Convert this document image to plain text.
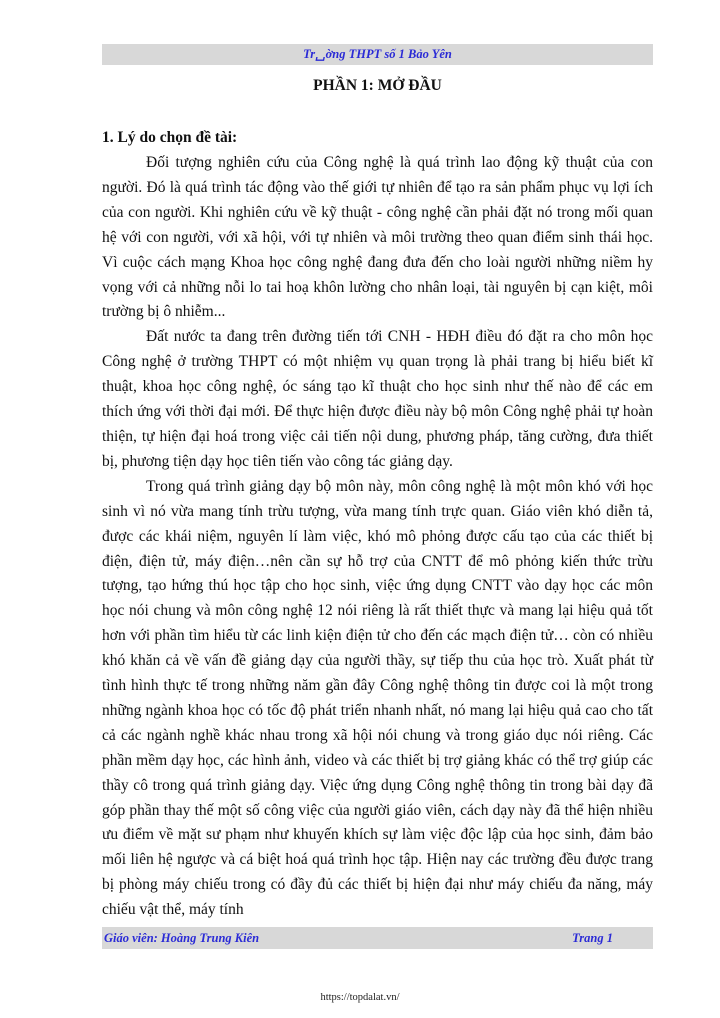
Tr␣ờng THPT số 1 Bảo Yên
PHẦN 1: MỞ ĐẦU
1. Lý do chọn đề tài:

Đối tượng nghiên cứu của Công nghệ là quá trình lao động kỹ thuật của con người. Đó là quá trình tác động vào thế giới tự nhiên để tạo ra sản phẩm phục vụ lợi ích của con người. Khi nghiên cứu về kỹ thuật - công nghệ cần phải đặt nó trong mối quan hệ với con người, với xã hội, với tự nhiên và môi trường theo quan điểm sinh thái học. Vì cuộc cách mạng Khoa học công nghệ đang đưa đến cho loài người những niềm hy vọng với cả những nỗi lo tai hoạ khôn lường cho nhân loại, tài nguyên bị cạn kiệt, môi trường bị ô nhiễm...

Đất nước ta đang trên đường tiến tới CNH - HĐH điều đó đặt ra cho môn học Công nghệ ở trường THPT có một nhiệm vụ quan trọng là phải trang bị hiểu biết kĩ thuật, khoa học công nghệ, óc sáng tạo kĩ thuật cho học sinh như thế nào để các em thích ứng với thời đại mới. Để thực hiện được điều này bộ môn Công nghệ phải tự hoàn thiện, tự hiện đại hoá trong việc cải tiến nội dung, phương pháp, tăng cường, đưa thiết bị, phương tiện dạy học tiên tiến vào công tác giảng dạy.

Trong quá trình giảng dạy bộ môn này, môn công nghệ là một môn khó với học sinh vì nó vừa mang tính trừu tượng, vừa mang tính trực quan. Giáo viên khó diễn tả, được các khái niệm, nguyên lí làm việc, khó mô phỏng được cấu tạo của các thiết bị điện, điện tử, máy điện…nên cần sự hỗ trợ của CNTT để mô phỏng kiến thức trừu tượng, tạo hứng thú học tập cho học sinh, việc ứng dụng CNTT vào dạy học các môn học nói chung và môn công nghệ 12 nói riêng là rất thiết thực và mang lại hiệu quả tốt hơn với phần tìm hiểu từ các linh kiện điện tử cho đến các mạch điện tử… còn có nhiều khó khăn cả về vấn đề giảng dạy của người thầy, sự tiếp thu của học trò. Xuất phát từ tình hình thực tế trong những năm gần đây Công nghệ thông tin được coi là một trong những ngành khoa học có tốc độ phát triển nhanh nhất, nó mang lại hiệu quả cao cho tất cả các ngành nghề khác nhau trong xã hội nói chung và trong giáo dục nói riêng. Các phần mềm dạy học, các hình ảnh, video và các thiết bị trợ giảng khác có thể trợ giúp các thầy cô trong quá trình giảng dạy. Việc ứng dụng Công nghệ thông tin trong bài dạy đã góp phần thay thế một số công việc của người giáo viên, cách dạy này đã thể hiện nhiều ưu điểm về mặt sư phạm như khuyến khích sự làm việc độc lập của học sinh, đảm bảo mối liên hệ ngược và cá biệt hoá quá trình học tập. Hiện nay các trường đều được trang bị phòng máy chiếu trong có đầy đủ các thiết bị hiện đại như máy chiếu đa năng, máy chiếu vật thể, máy tính

Giáo viên: Hoàng Trung Kiên	Trang 1
https://topdalat.vn/
